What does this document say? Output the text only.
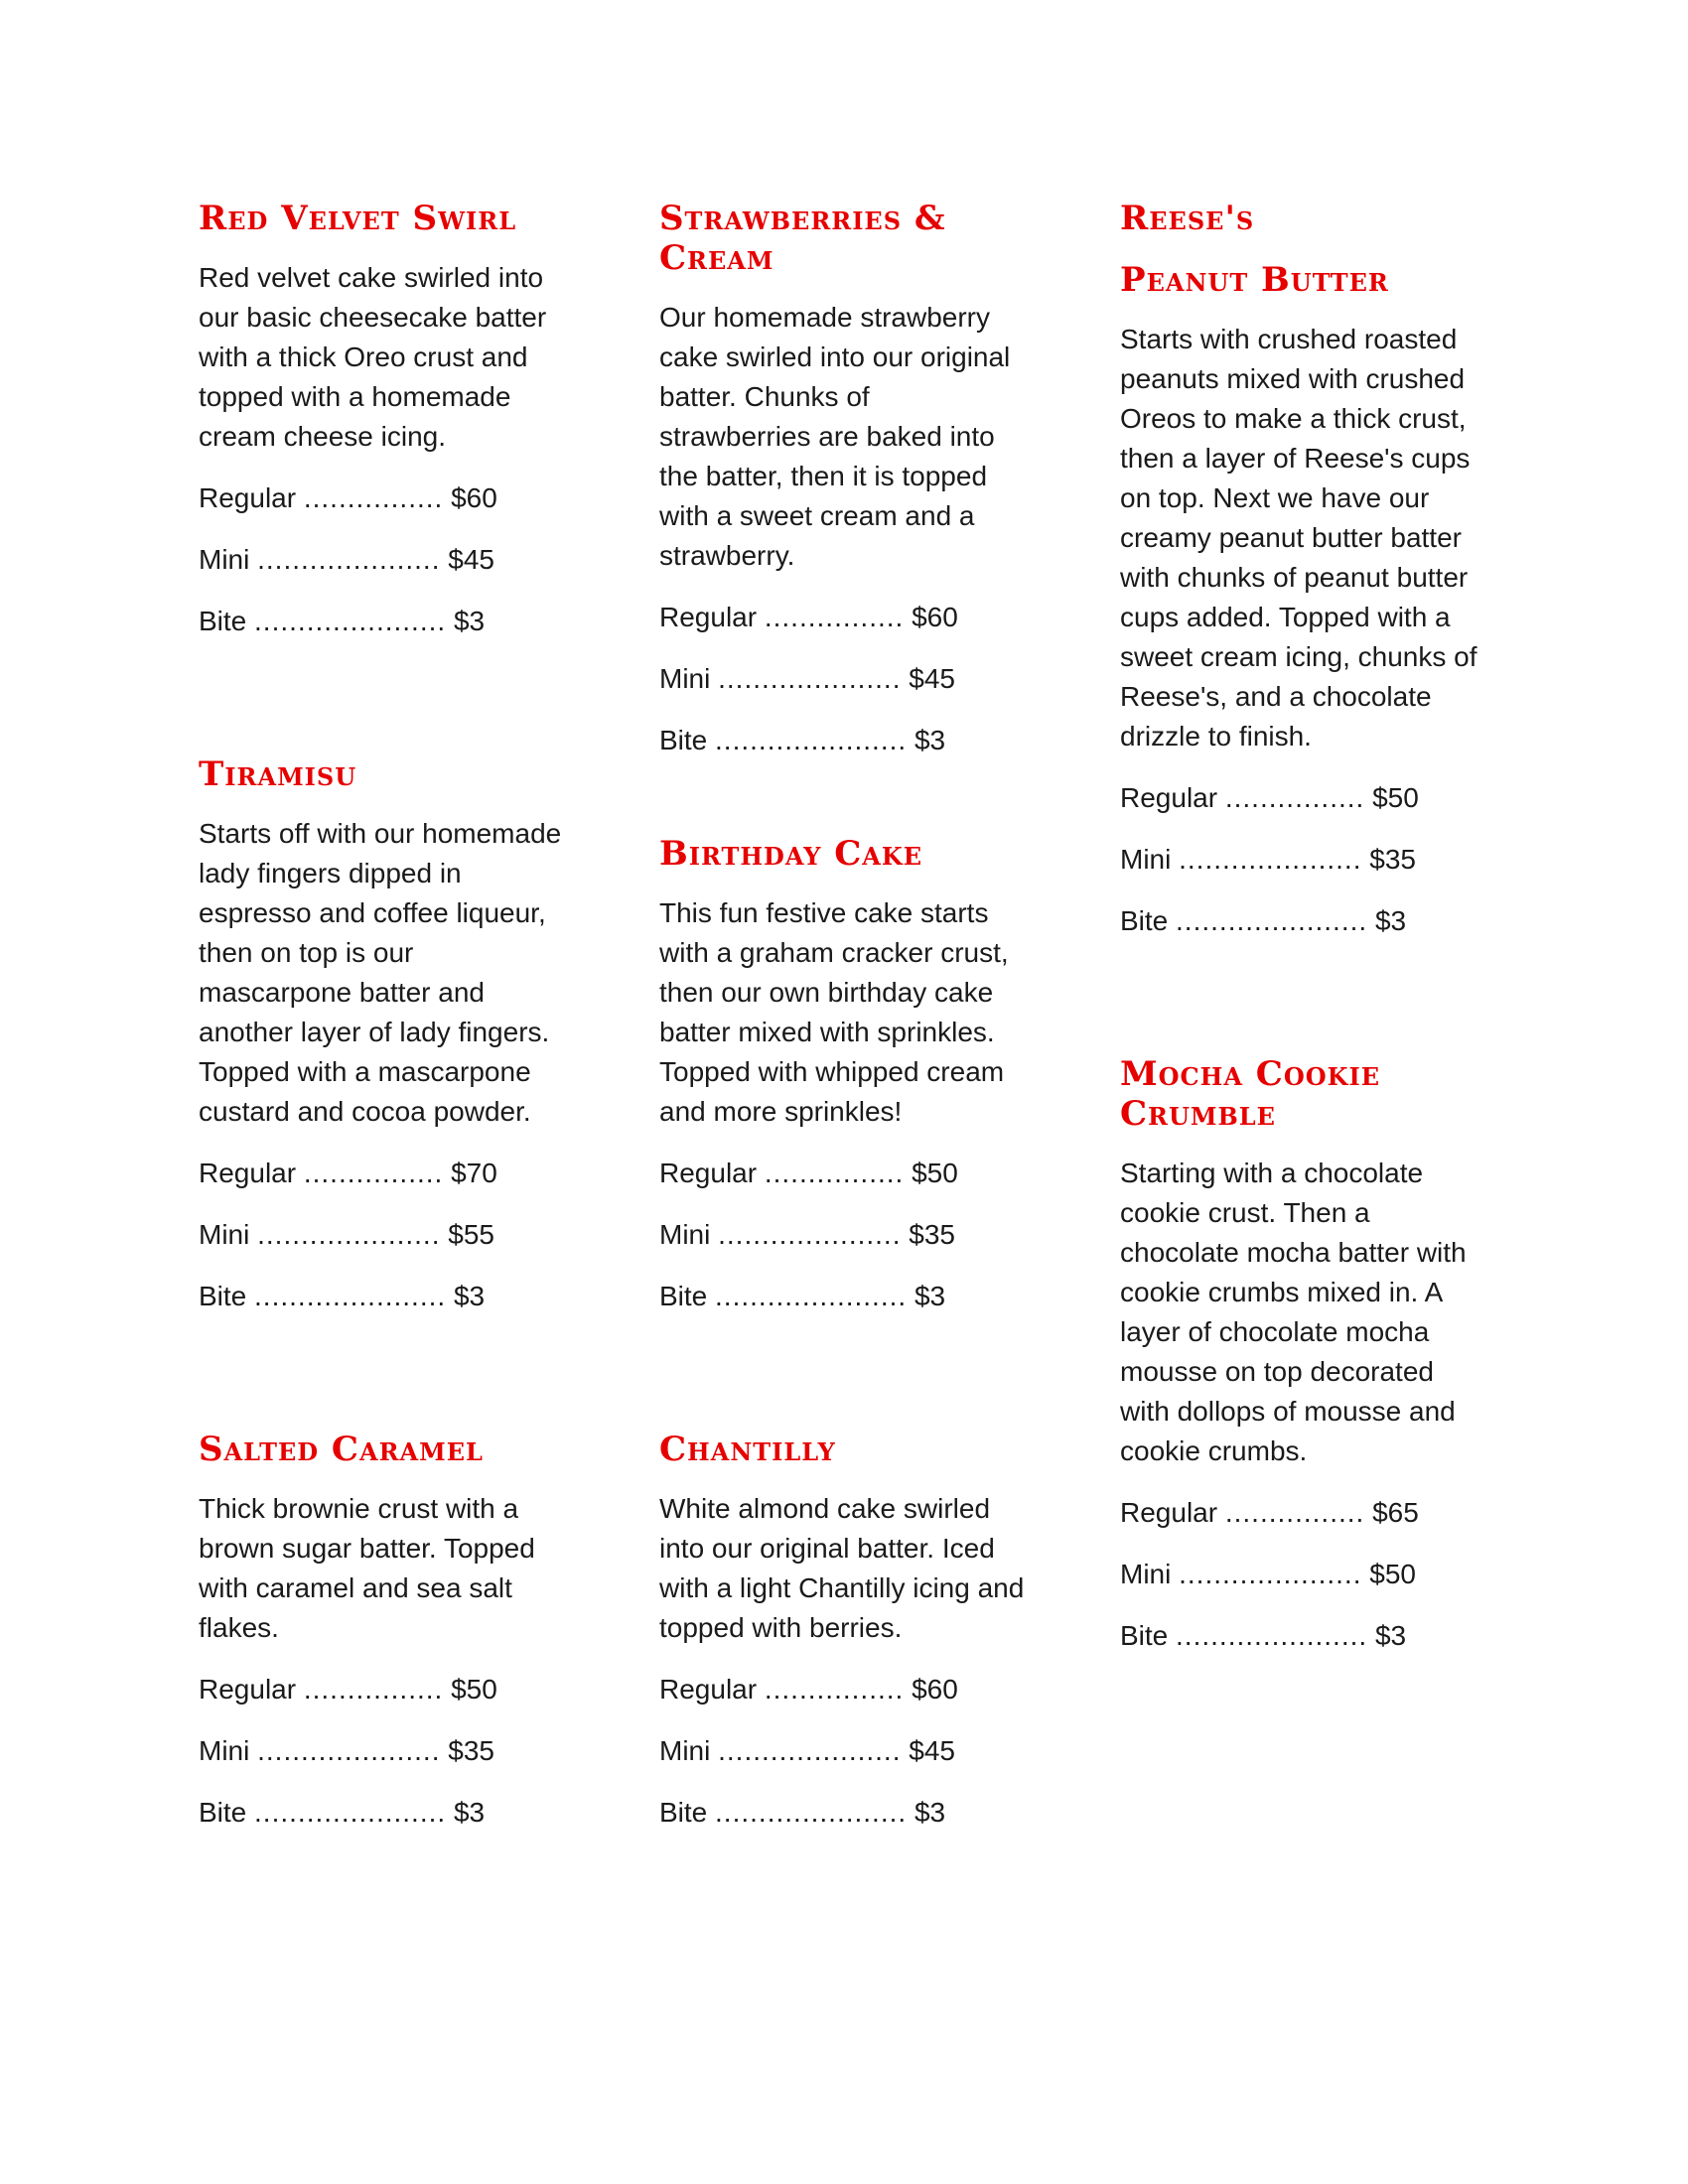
Red Velvet Swirl

Red velvet cake swirled into our basic cheesecake batter with a thick Oreo crust and topped with a homemade cream cheese icing.

Regular ................ $60
Mini ..................... $45
Bite ...................... $3
Tiramisu

Starts off with our homemade lady fingers dipped in espresso and coffee liqueur, then on top is our mascarpone batter and another layer of lady fingers. Topped with a mascarpone custard and cocoa powder.

Regular ................ $70
Mini ..................... $55
Bite ...................... $3
Salted Caramel

Thick brownie crust with a brown sugar batter. Topped with caramel and sea salt flakes.

Regular ................ $50
Mini ..................... $35
Bite ...................... $3
Strawberries &
Cream

Our homemade strawberry cake swirled into our original batter. Chunks of strawberries are baked into the batter, then it is topped with a sweet cream and a strawberry.

Regular ................ $60
Mini ..................... $45
Bite ...................... $3
Birthday Cake

This fun festive cake starts with a graham cracker crust, then our own birthday cake batter mixed with sprinkles. Topped with whipped cream and more sprinkles!

Regular ................ $50
Mini ..................... $35
Bite ...................... $3
Chantilly

White almond cake swirled into our original batter. Iced with a light Chantilly icing and topped with berries.

Regular ................ $60
Mini ..................... $45
Bite ...................... $3
Reese's
Peanut Butter

Starts with crushed roasted peanuts mixed with crushed Oreos to make a thick crust, then a layer of Reese's cups on top. Next we have our creamy peanut butter batter with chunks of peanut butter cups added. Topped with a sweet cream icing, chunks of Reese's, and a chocolate drizzle to finish.

Regular ................ $50
Mini ..................... $35
Bite ...................... $3
Mocha Cookie
Crumble

Starting with a chocolate cookie crust. Then a chocolate mocha batter with cookie crumbs mixed in. A layer of chocolate mocha mousse on top decorated with dollops of mousse and cookie crumbs.

Regular ................ $65
Mini ..................... $50
Bite ...................... $3
